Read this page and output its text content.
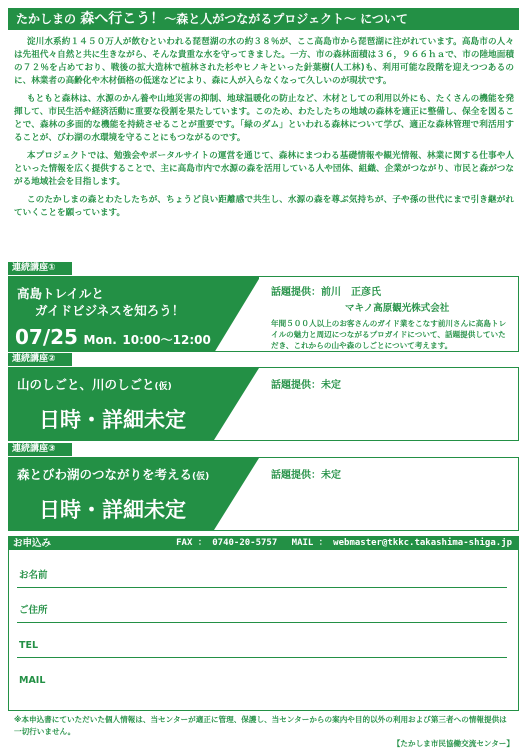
たかしまの 森へ行こう！～森と人がつながるプロジェクト～ について

淀川水系約１４５０万人が飲むといわれる琵琶湖の水の約３８％が、ここ高島市から琵琶湖に注がれています。高島市の人々は先祖代々自然と共に生きながら、そんな貴重な水を守ってきました。一方、市の森林面積は３６，９６６ｈａで、市の陸地面積の７２％を占めており、戦後の拡大造林で植林された杉やヒノキといった針葉樹(人工林)も、利用可能な段階を迎えつつあるのに、林業者の高齢化や木材価格の低迷などにより、森に人が入らなくなって久しいのが現状です。

もともと森林は、水源のかん養や山地災害の抑制、地球温暖化の防止など、木材としての利用以外にも、たくさんの機能を発揮して、市民生活や経済活動に重要な役割を果たしています。このため、わたしたちの地域の森林を適正に整備し、保全を図ることで、森林の多面的な機能を持続させることが重要です。「緑のダム」といわれる森林について学び、適正な森林管理で利活用することが、びわ湖の水環境を守ることにもつながるのです。

本プロジェクトでは、勉強会やポータルサイトの運営を通じて、森林にまつわる基礎情報や観光情報、林業に関する仕事や人といった情報を広く提供することで、主に高島市内で水源の森を活用している人や団体、組織、企業がつながり、市民と森がつながる地域社会を目指します。

このたかしまの森とわたしたちが、ちょうど良い距離感で共生し、水源の森を尊ぶ気持ちが、子や孫の世代にまで引き継がれていくことを願っています。

連続講座①
高島トレイルと
ガイドビジネスを知ろう！
07/25 Mon. 10:00～12:00
話題提供：前川　正彦氏
マキノ高原観光株式会社
年間５００人以上のお客さんのガイド業をこなす前川さんに高島トレイルの魅力と周辺につながるプロガイドについて、話題提供していただき、これからの山や森のしごとについて考えます。
連続講座②
山のしごと、川のしごと(仮)
日時・詳細未定
話題提供：未定
連続講座③
森とびわ湖のつながりを考える(仮)
日時・詳細未定
話題提供：未定
お申込み	FAX ： 0740-20-5757　 MAIL ： webmaster@tkkc.takashima-shiga.jp
お名前
ご住所
TEL
MAIL
※本申込書にていただいた個人情報は、当センターが適正に管理、保護し、当センターからの案内や目的以外の利用および第三者への情報提供は一切行いません。
【たかしま市民協働交流センター】
